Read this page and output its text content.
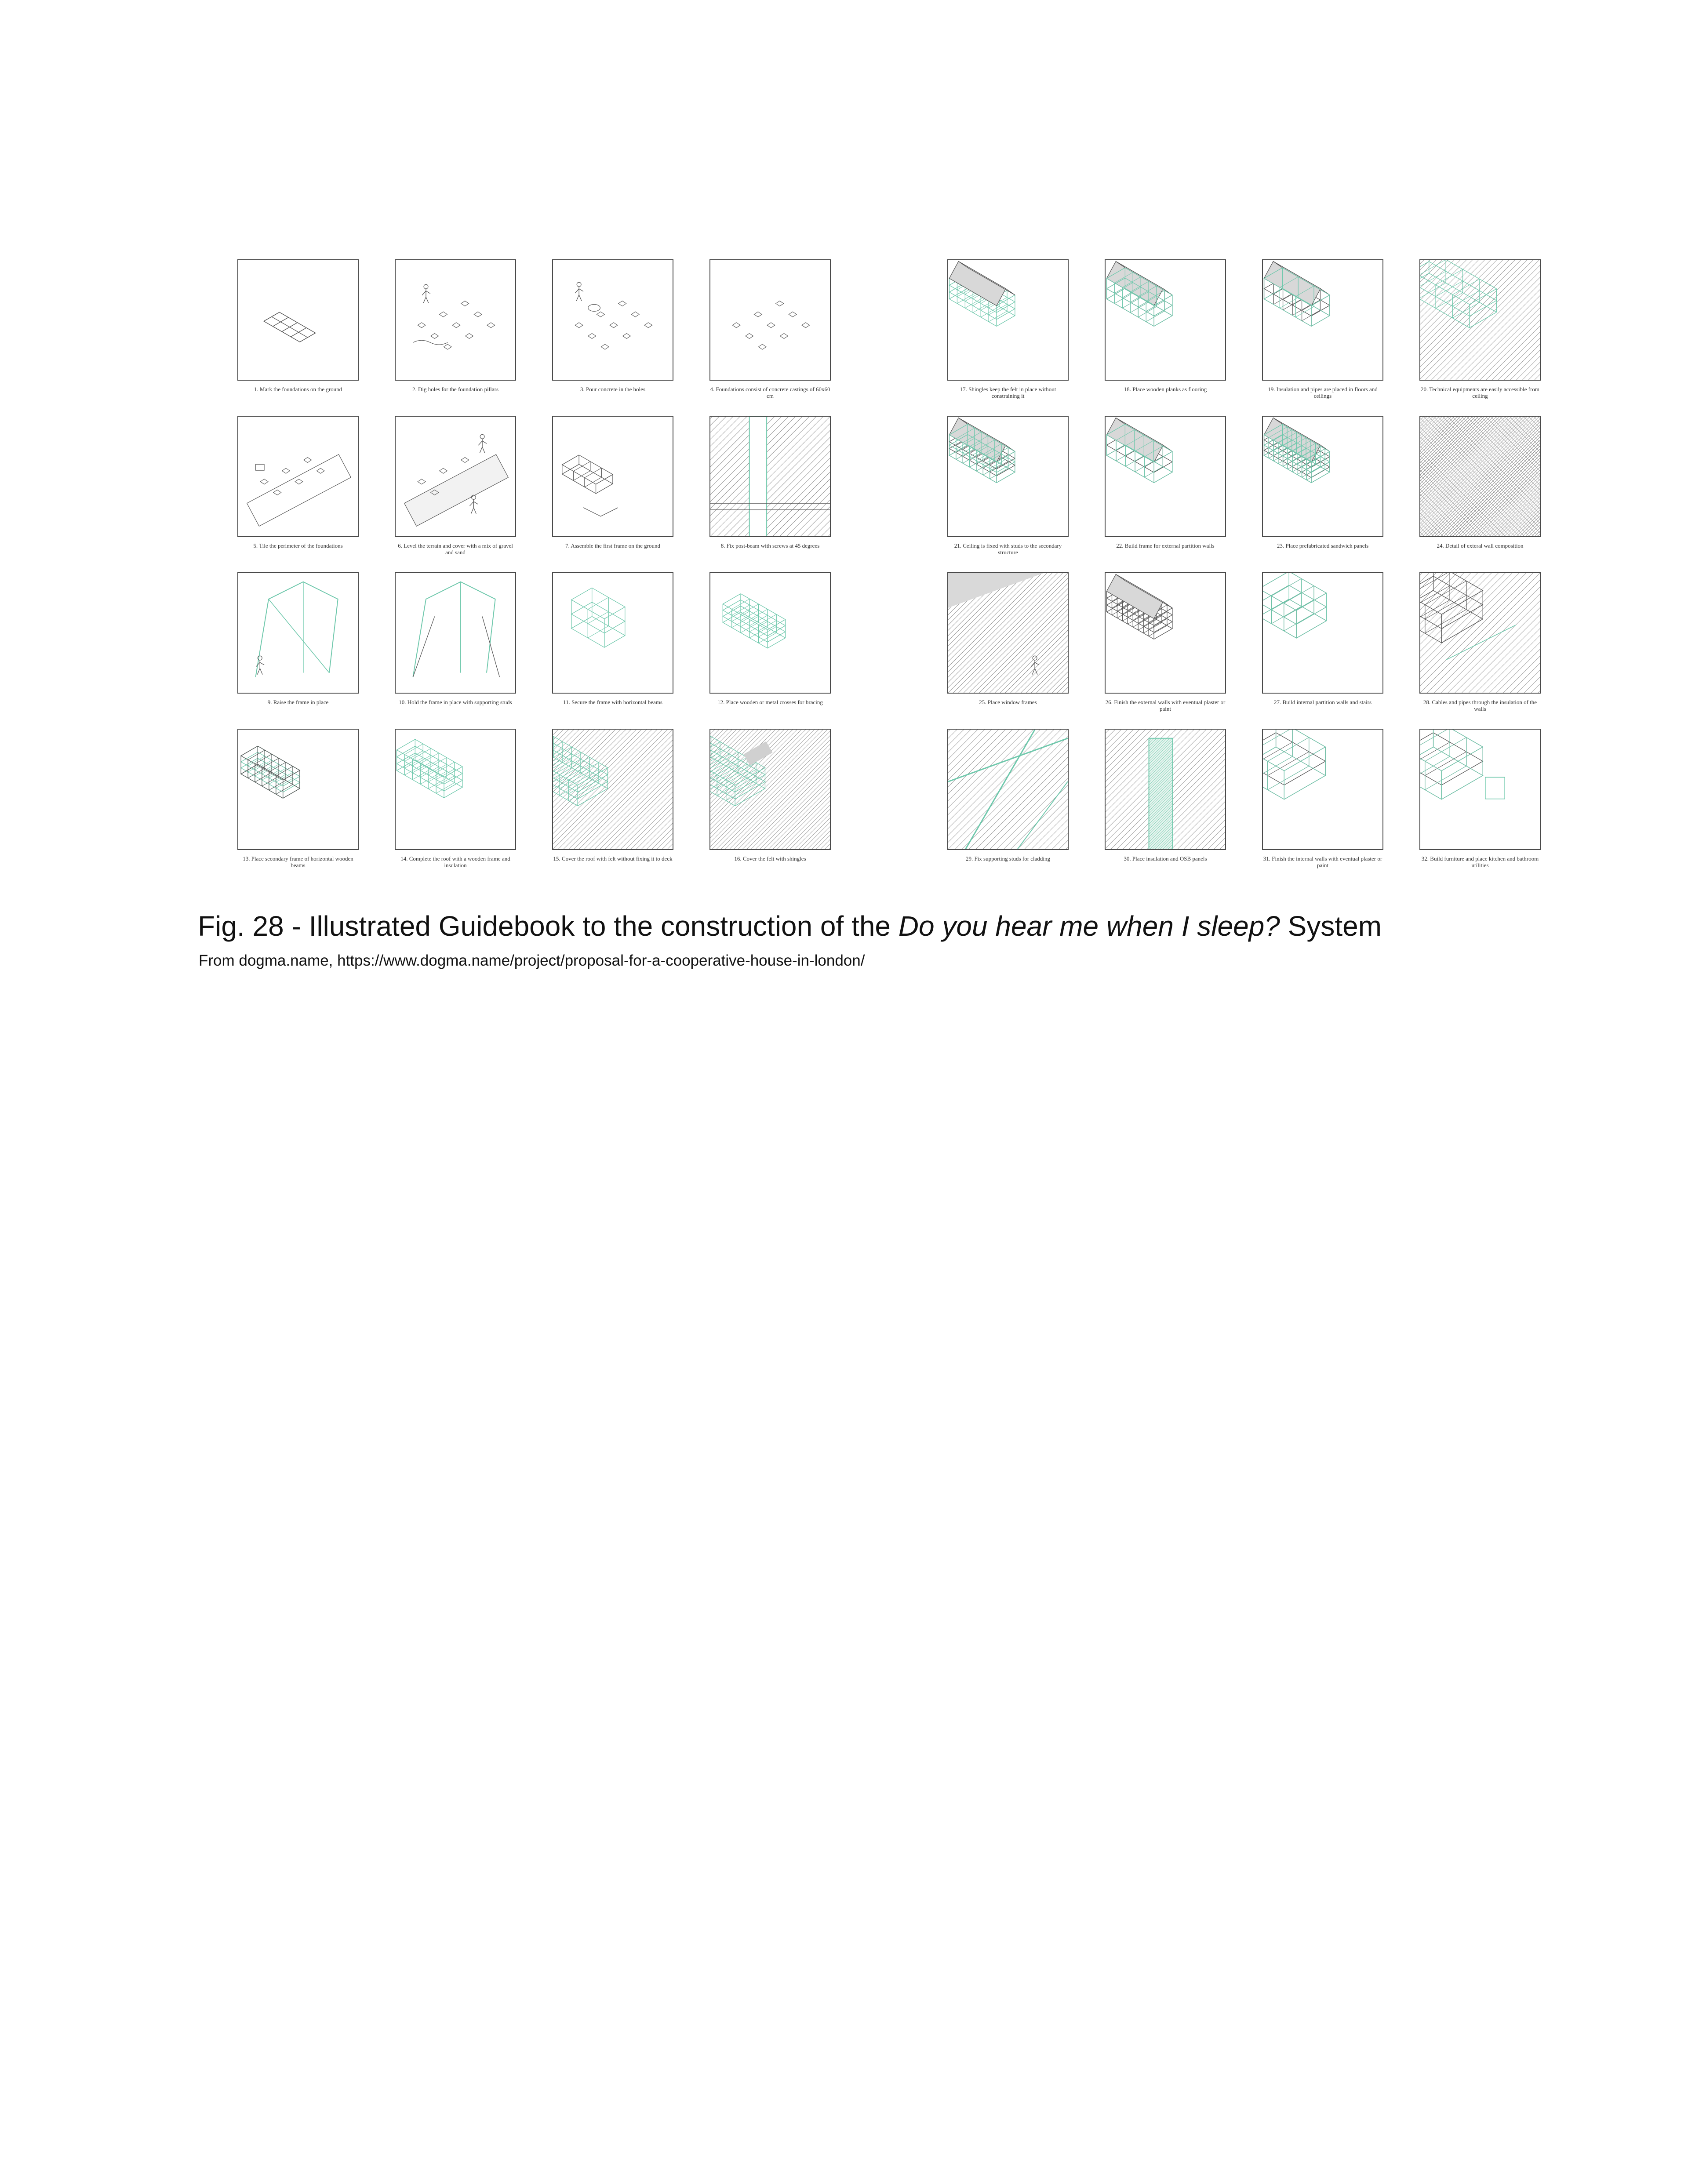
1. Mark the foundations on the ground	2. Dig holes for the foundation pillars	3. Pour concrete in the holes	4. Foundations consist of concrete castings of 60x60 cm
5. Tile the perimeter of the foundations	6. Level the terrain and cover with a mix of gravel and sand
7. Assemble the first frame on the ground	8. Fix post-beam with screws at 45 degrees
9. Raise the frame in place	10. Hold the frame in place with supporting studs	11. Secure the frame with horizontal beams	12. Place wooden or metal crosses for bracing
13. Place secondary frame of horizontal wooden beams
14. Complete the roof with a wooden frame and insulation
15. Cover the roof with felt without fixing it to deck	16. Cover the felt with shingles
17. Shingles keep the felt in place without constraining it
18. Place wooden planks as flooring	19. Insulation and pipes are placed in floors and ceilings
20. Technical equipments are easily accessible from ceiling
21. Ceiling is fixed with studs to the secondary structure
22. Build frame for external partition walls	23. Place prefabricated sandwich panels	24. Detail of exteral wall composition
25. Place window frames	26. Finish the external walls with eventual plaster or paint
27. Build internal partition walls and stairs	28. Cables and pipes through the insulation of the walls
29. Fix supporting studs for cladding	30. Place insulation and OSB panels	31. Finish the internal walls with eventual plaster or paint
32. Build furniture and place kitchen and bathroom utilities

Fig. 28 - Illustrated Guidebook to the construction of the Do you hear me when I sleep? System

From dogma.name, https://www.dogma.name/project/proposal-for-a-cooperative-house-in-london/
